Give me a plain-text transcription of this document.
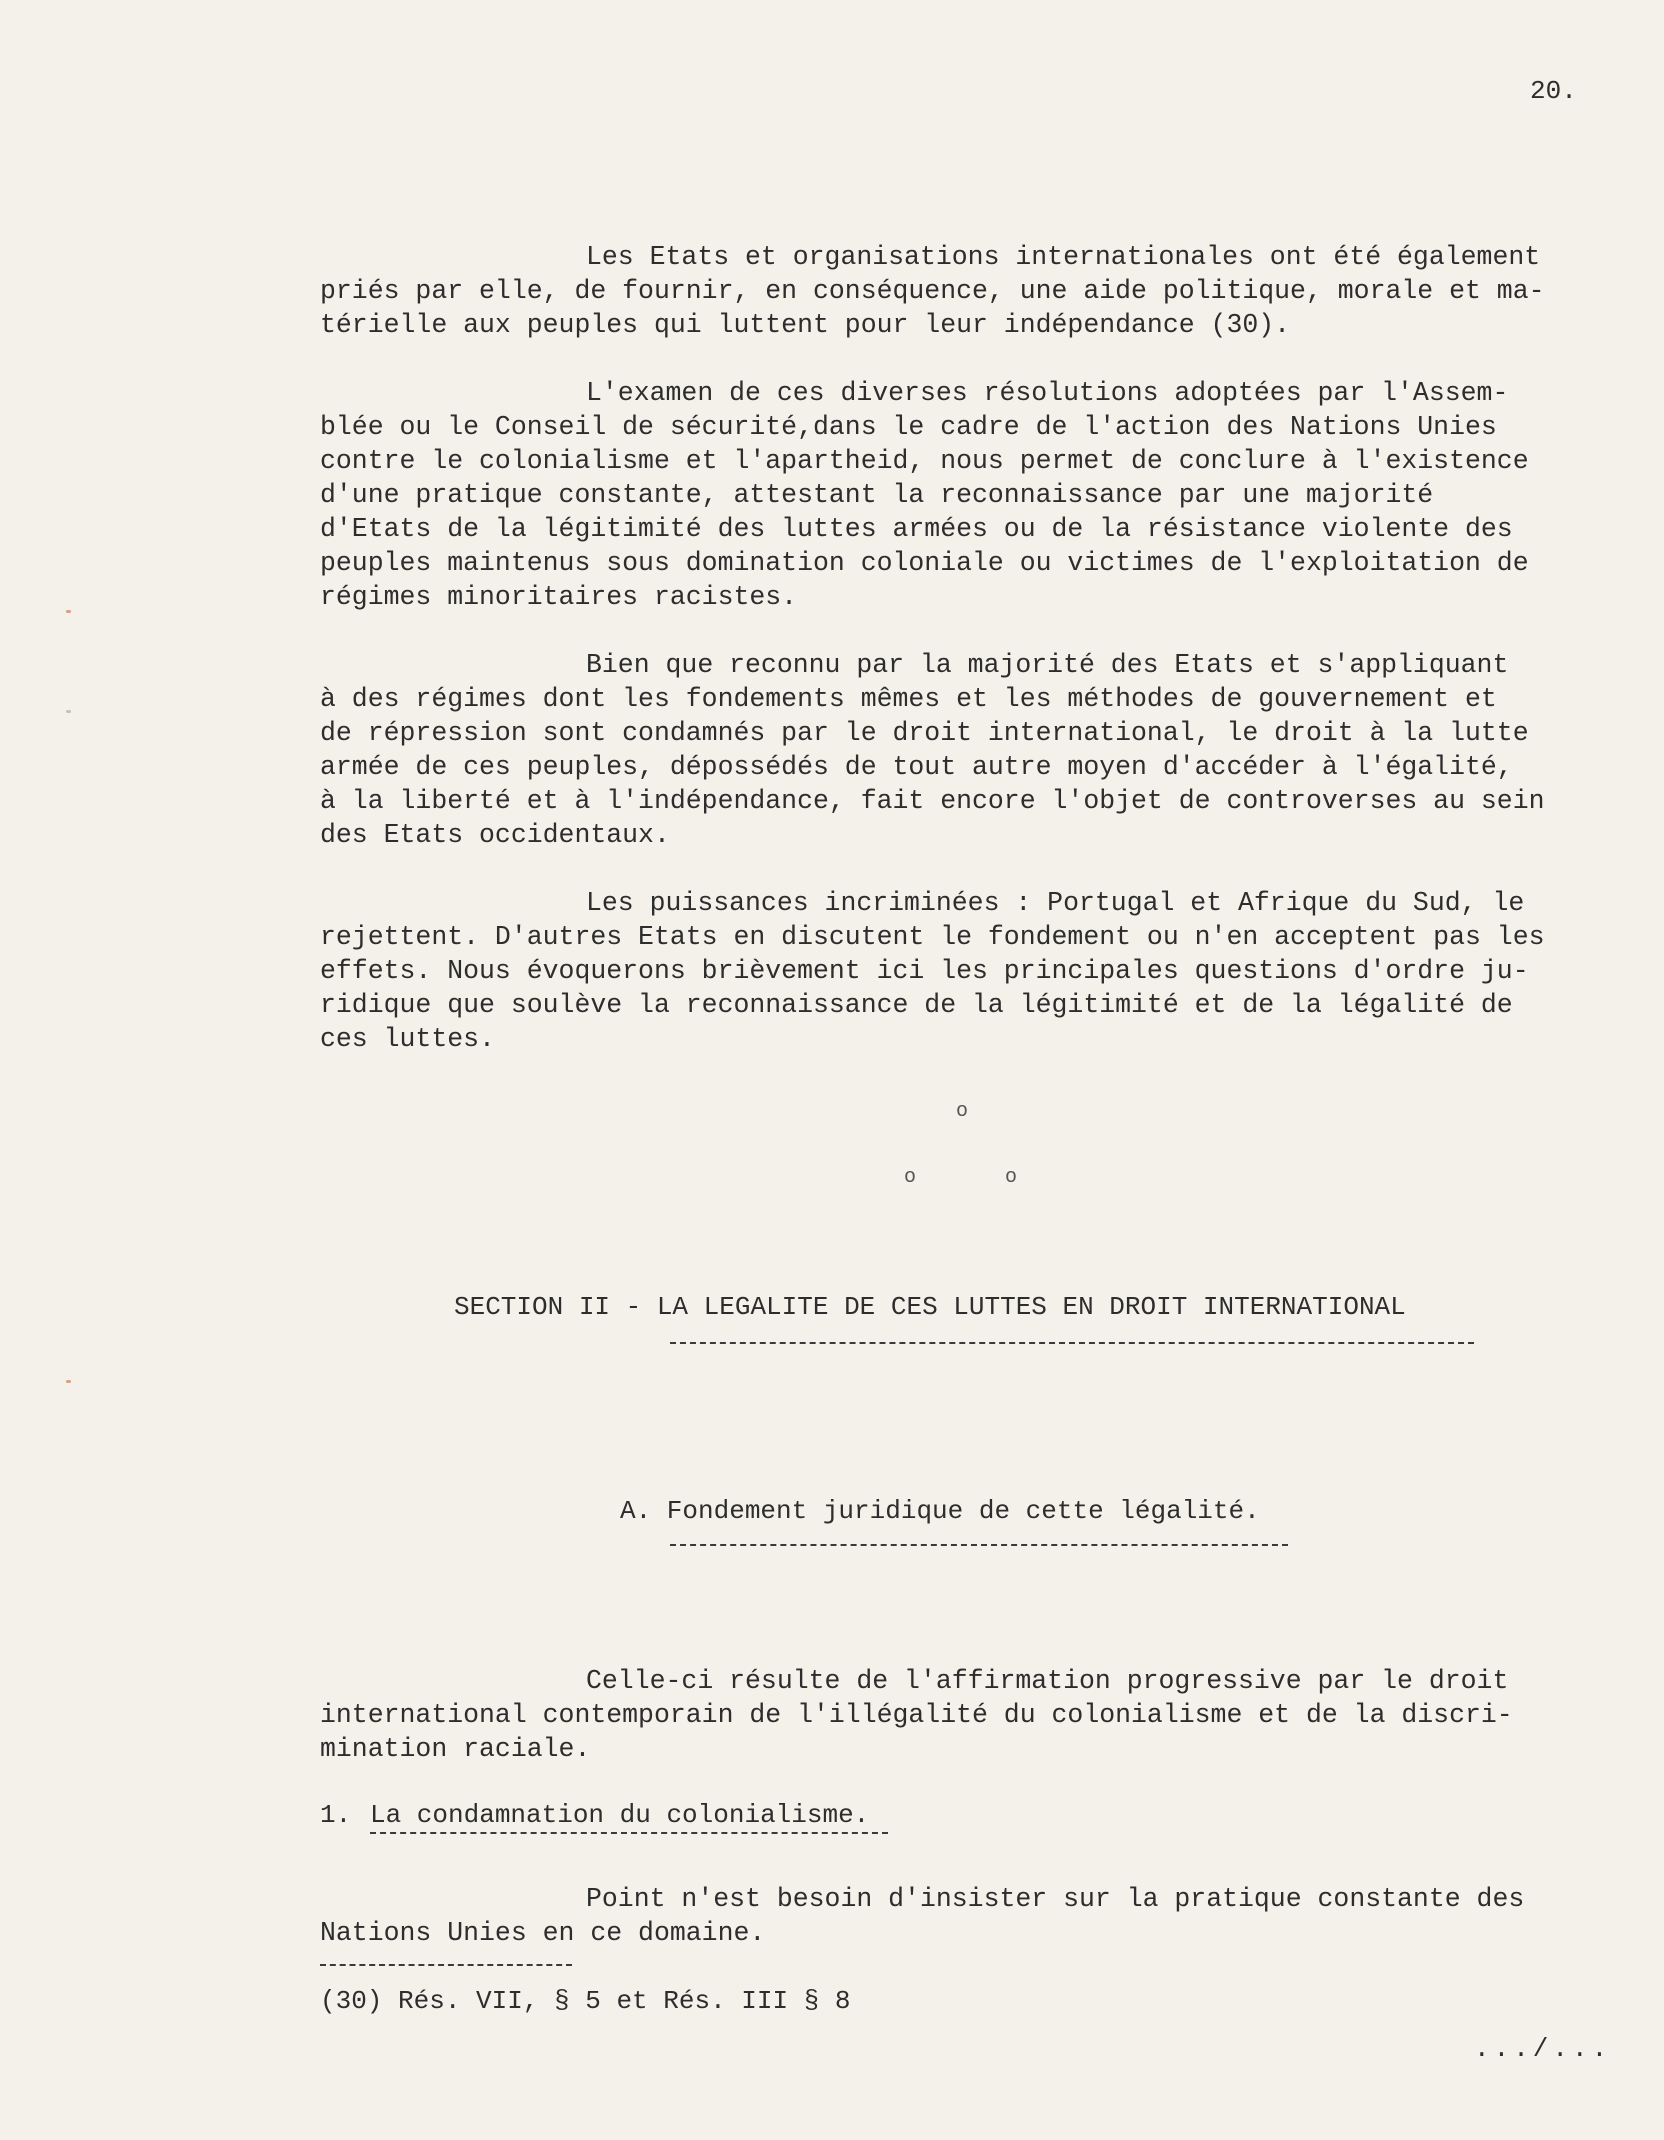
20.
Les Etats et organisations internationales ont été également
priés par elle, de fournir, en conséquence, une aide politique, morale et ma-
térielle aux peuples qui luttent pour leur indépendance (30).
L'examen de ces diverses résolutions adoptées par l'Assem-
blée ou le Conseil de sécurité,dans le cadre de l'action des Nations Unies
contre le colonialisme et l'apartheid, nous permet de conclure à l'existence
d'une pratique constante, attestant la reconnaissance par une majorité
d'Etats de la légitimité des luttes armées ou de la résistance violente des
peuples maintenus sous domination coloniale ou victimes de l'exploitation de
régimes minoritaires racistes.
Bien que reconnu par la majorité des Etats et s'appliquant
à des régimes dont les fondements mêmes et les méthodes de gouvernement et
de répression sont condamnés par le droit international, le droit à la lutte
armée de ces peuples, dépossédés de tout autre moyen d'accéder à l'égalité,
à la liberté et à l'indépendance, fait encore l'objet de controverses au sein
des Etats occidentaux.
Les puissances incriminées : Portugal et Afrique du Sud, le
rejettent. D'autres Etats en discutent le fondement ou n'en acceptent pas les
effets. Nous évoquerons brièvement ici les principales questions d'ordre ju-
ridique que soulève la reconnaissance de la légitimité et de la légalité de
ces luttes.
o
o	o
SECTION II - LA LEGALITE DE CES LUTTES EN DROIT INTERNATIONAL
A. Fondement juridique de cette légalité.
Celle-ci résulte de l'affirmation progressive par le droit
international contemporain de l'illégalité du colonialisme et de la discri-
mination raciale.
1. La condamnation du colonialisme.
Point n'est besoin d'insister sur la pratique constante des
Nations Unies en ce domaine.
(30) Rés. VII, § 5 et Rés. III § 8
.../...
